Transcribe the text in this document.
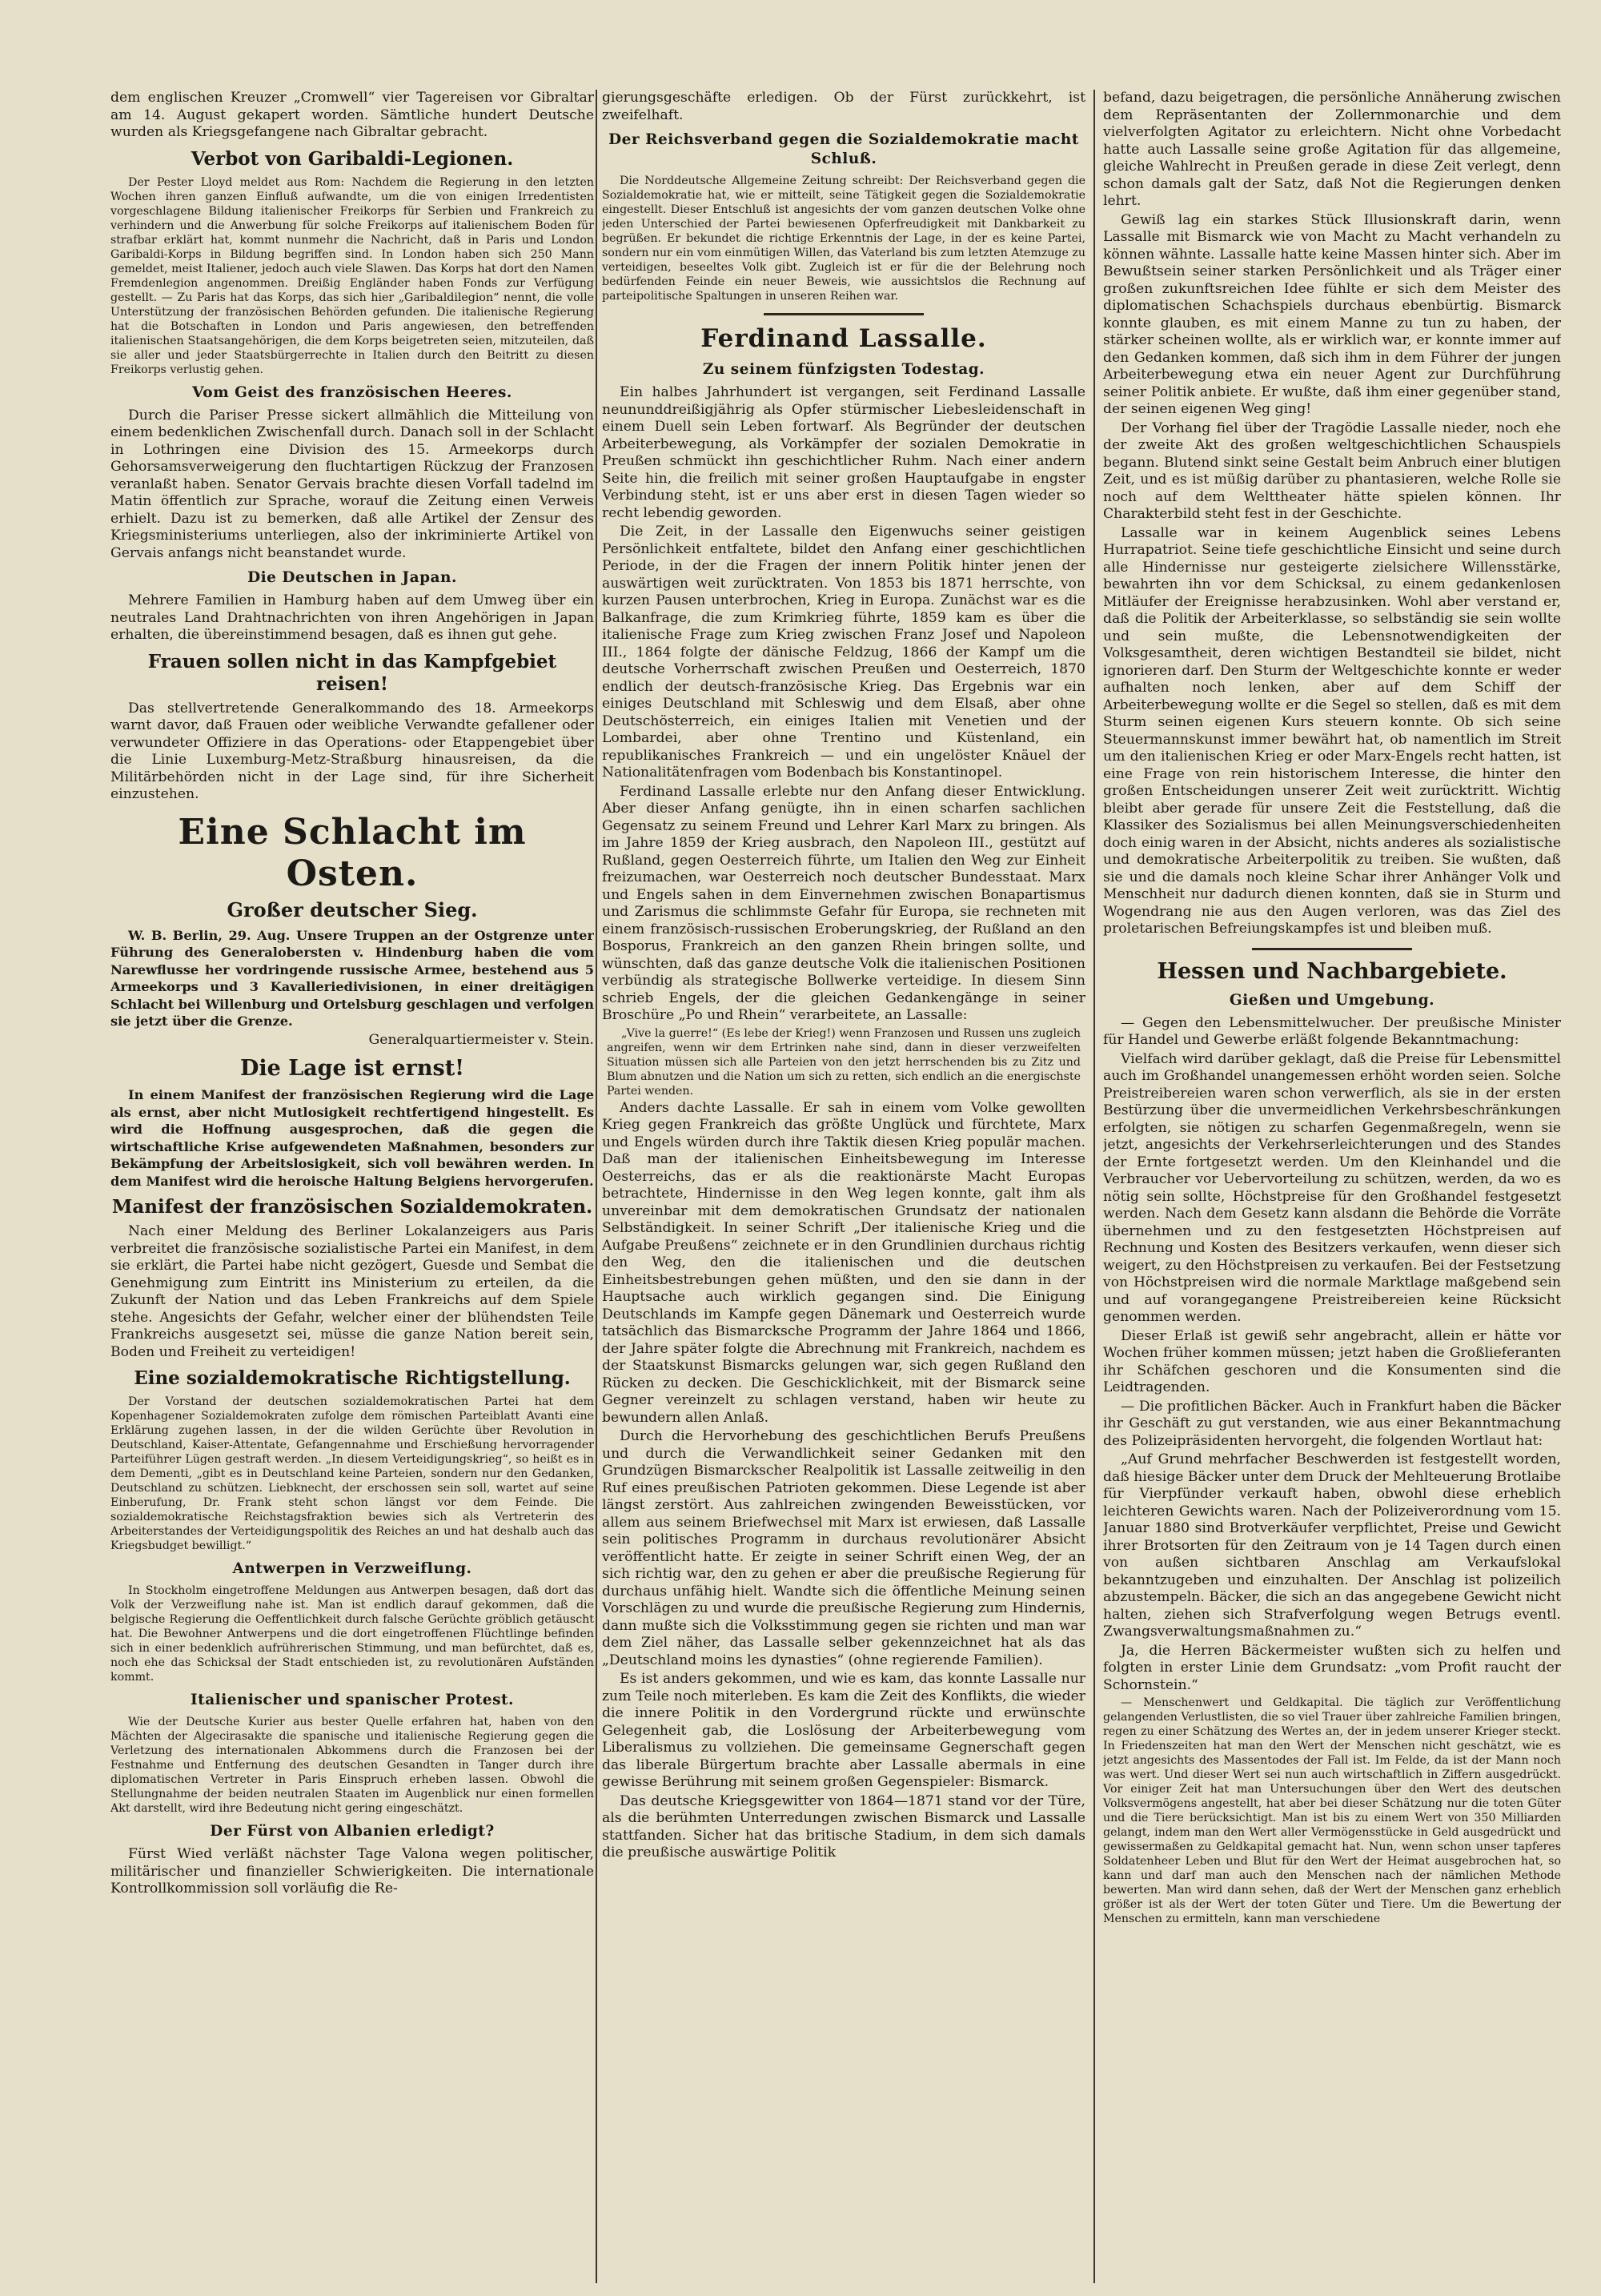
dem englischen Kreuzer „Cromwell“ vier Tagereisen vor Gibraltar am 14. August gekapert worden. Sämtliche hundert Deutsche wurden als Kriegsgefangene nach Gibraltar gebracht.

Verbot von Garibaldi-Legionen.

Der Pester Lloyd meldet aus Rom: Nachdem die Regierung in den letzten Wochen ihren ganzen Einfluß aufwandte, um die von einigen Irredentisten vorgeschlagene Bildung italienischer Freikorps für Serbien und Frankreich zu verhindern und die Anwerbung für solche Freikorps auf italienischem Boden für strafbar erklärt hat, kommt nunmehr die Nachricht, daß in Paris und London Garibaldi-Korps in Bildung begriffen sind. In London haben sich 250 Mann gemeldet, meist Italiener, jedoch auch viele Slawen. Das Korps hat dort den Namen Fremdenlegion angenommen. Dreißig Engländer haben Fonds zur Verfügung gestellt. — Zu Paris hat das Korps, das sich hier „Garibaldilegion“ nennt, die volle Unterstützung der französischen Behörden gefunden. Die italienische Regierung hat die Botschaften in London und Paris angewiesen, den betreffenden italienischen Staatsangehörigen, die dem Korps beigetreten seien, mitzuteilen, daß sie aller und jeder Staatsbürgerrechte in Italien durch den Beitritt zu diesen Freikorps verlustig gehen.

Vom Geist des französischen Heeres.

Durch die Pariser Presse sickert allmählich die Mitteilung von einem bedenklichen Zwischenfall durch. Danach soll in der Schlacht in Lothringen eine Division des 15. Armeekorps durch Gehorsamsverweigerung den fluchtartigen Rückzug der Franzosen veranlaßt haben. Senator Gervais brachte diesen Vorfall tadelnd im Matin öffentlich zur Sprache, worauf die Zeitung einen Verweis erhielt. Dazu ist zu bemerken, daß alle Artikel der Zensur des Kriegsministeriums unterliegen, also der inkriminierte Artikel von Gervais anfangs nicht beanstandet wurde.

Die Deutschen in Japan.

Mehrere Familien in Hamburg haben auf dem Umweg über ein neutrales Land Drahtnachrichten von ihren Angehörigen in Japan erhalten, die übereinstimmend besagen, daß es ihnen gut gehe.

Frauen sollen nicht in das Kampfgebiet reisen!

Das stellvertretende Generalkommando des 18. Armeekorps warnt davor, daß Frauen oder weibliche Verwandte gefallener oder verwundeter Offiziere in das Operations- oder Etappengebiet über die Linie Luxemburg-Metz-Straßburg hinausreisen, da die Militärbehörden nicht in der Lage sind, für ihre Sicherheit einzustehen.

Eine Schlacht im Osten.
Großer deutscher Sieg.

W. B. Berlin, 29. Aug. Unsere Truppen an der Ostgrenze unter Führung des Generalobersten v. Hindenburg haben die vom Narewflusse her vordringende russische Armee, bestehend aus 5 Armeekorps und 3 Kavalleriedivisionen, in einer dreitägigen Schlacht bei Willenburg und Ortelsburg geschlagen und verfolgen sie jetzt über die Grenze.

Generalquartiermeister v. Stein.

Die Lage ist ernst!

In einem Manifest der französischen Regierung wird die Lage als ernst, aber nicht Mutlosigkeit rechtfertigend hingestellt. Es wird die Hoffnung ausgesprochen, daß die gegen die wirtschaftliche Krise aufgewendeten Maßnahmen, besonders zur Bekämpfung der Arbeitslosigkeit, sich voll bewähren werden. In dem Manifest wird die heroische Haltung Belgiens hervorgerufen.

Manifest der französischen Sozialdemokraten.

Nach einer Meldung des Berliner Lokalanzeigers aus Paris verbreitet die französische sozialistische Partei ein Manifest, in dem sie erklärt, die Partei habe nicht gezögert, Guesde und Sembat die Genehmigung zum Eintritt ins Ministerium zu erteilen, da die Zukunft der Nation und das Leben Frankreichs auf dem Spiele stehe. Angesichts der Gefahr, welcher einer der blühendsten Teile Frankreichs ausgesetzt sei, müsse die ganze Nation bereit sein, Boden und Freiheit zu verteidigen!

Eine sozialdemokratische Richtigstellung.

Der Vorstand der deutschen sozialdemokratischen Partei hat dem Kopenhagener Sozialdemokraten zufolge dem römischen Parteiblatt Avanti eine Erklärung zugehen lassen, in der die wilden Gerüchte über Revolution in Deutschland, Kaiser-Attentate, Gefangennahme und Erschießung hervorragender Parteiführer Lügen gestraft werden. „In diesem Verteidigungskrieg“, so heißt es in dem Dementi, „gibt es in Deutschland keine Parteien, sondern nur den Gedanken, Deutschland zu schützen. Liebknecht, der erschossen sein soll, wartet auf seine Einberufung, Dr. Frank steht schon längst vor dem Feinde. Die sozialdemokratische Reichstagsfraktion bewies sich als Vertreterin des Arbeiterstandes der Verteidigungspolitik des Reiches an und hat deshalb auch das Kriegsbudget bewilligt.“

Antwerpen in Verzweiflung.

In Stockholm eingetroffene Meldungen aus Antwerpen besagen, daß dort das Volk der Verzweiflung nahe ist. Man ist endlich darauf gekommen, daß die belgische Regierung die Oeffentlichkeit durch falsche Gerüchte gröblich getäuscht hat. Die Bewohner Antwerpens und die dort eingetroffenen Flüchtlinge befinden sich in einer bedenklich aufrührerischen Stimmung, und man befürchtet, daß es, noch ehe das Schicksal der Stadt entschieden ist, zu revolutionären Aufständen kommt.

Italienischer und spanischer Protest.

Wie der Deutsche Kurier aus bester Quelle erfahren hat, haben von den Mächten der Algecirasakte die spanische und italienische Regierung gegen die Verletzung des internationalen Abkommens durch die Franzosen bei der Festnahme und Entfernung des deutschen Gesandten in Tanger durch ihre diplomatischen Vertreter in Paris Einspruch erheben lassen. Obwohl die Stellungnahme der beiden neutralen Staaten im Augenblick nur einen formellen Akt darstellt, wird ihre Bedeutung nicht gering eingeschätzt.

Der Fürst von Albanien erledigt?

Fürst Wied verläßt nächster Tage Valona wegen politischer, militärischer und finanzieller Schwierigkeiten. Die internationale Kontrollkommission soll vorläufig die Re-

gierungsgeschäfte erledigen. Ob der Fürst zurückkehrt, ist zweifelhaft.

Der Reichsverband gegen die Sozialdemokratie macht Schluß.

Die Norddeutsche Allgemeine Zeitung schreibt: Der Reichsverband gegen die Sozialdemokratie hat, wie er mitteilt, seine Tätigkeit gegen die Sozialdemokratie eingestellt. Dieser Entschluß ist angesichts der vom ganzen deutschen Volke ohne jeden Unterschied der Partei bewiesenen Opferfreudigkeit mit Dankbarkeit zu begrüßen. Er bekundet die richtige Erkenntnis der Lage, in der es keine Partei, sondern nur ein vom einmütigen Willen, das Vaterland bis zum letzten Atemzuge zu verteidigen, beseeltes Volk gibt. Zugleich ist er für die der Belehrung noch bedürfenden Feinde ein neuer Beweis, wie aussichtslos die Rechnung auf parteipolitische Spaltungen in unseren Reihen war.

Ferdinand Lassalle.
Zu seinem fünfzigsten Todestag.

Ein halbes Jahrhundert ist vergangen, seit Ferdinand Lassalle neununddreißigjährig als Opfer stürmischer Liebesleidenschaft in einem Duell sein Leben fortwarf. Als Begründer der deutschen Arbeiterbewegung, als Vorkämpfer der sozialen Demokratie in Preußen schmückt ihn geschichtlicher Ruhm. Nach einer andern Seite hin, die freilich mit seiner großen Hauptaufgabe in engster Verbindung steht, ist er uns aber erst in diesen Tagen wieder so recht lebendig geworden.

Die Zeit, in der Lassalle den Eigenwuchs seiner geistigen Persönlichkeit entfaltete, bildet den Anfang einer geschichtlichen Periode, in der die Fragen der innern Politik hinter jenen der auswärtigen weit zurücktraten. Von 1853 bis 1871 herrschte, von kurzen Pausen unterbrochen, Krieg in Europa. Zunächst war es die Balkanfrage, die zum Krimkrieg führte, 1859 kam es über die italienische Frage zum Krieg zwischen Franz Josef und Napoleon III., 1864 folgte der dänische Feldzug, 1866 der Kampf um die deutsche Vorherrschaft zwischen Preußen und Oesterreich, 1870 endlich der deutsch-französische Krieg. Das Ergebnis war ein einiges Deutschland mit Schleswig und dem Elsaß, aber ohne Deutschösterreich, ein einiges Italien mit Venetien und der Lombardei, aber ohne Trentino und Küstenland, ein republikanisches Frankreich — und ein ungelöster Knäuel der Nationalitätenfragen vom Bodenbach bis Konstantinopel.

Ferdinand Lassalle erlebte nur den Anfang dieser Entwicklung. Aber dieser Anfang genügte, ihn in einen scharfen sachlichen Gegensatz zu seinem Freund und Lehrer Karl Marx zu bringen. Als im Jahre 1859 der Krieg ausbrach, den Napoleon III., gestützt auf Rußland, gegen Oesterreich führte, um Italien den Weg zur Einheit freizumachen, war Oesterreich noch deutscher Bundesstaat. Marx und Engels sahen in dem Einvernehmen zwischen Bonapartismus und Zarismus die schlimmste Gefahr für Europa, sie rechneten mit einem französisch-russischen Eroberungskrieg, der Rußland an den Bosporus, Frankreich an den ganzen Rhein bringen sollte, und wünschten, daß das ganze deutsche Volk die italienischen Positionen verbündig als strategische Bollwerke verteidige. In diesem Sinn schrieb Engels, der die gleichen Gedankengänge in seiner Broschüre „Po und Rhein“ verarbeitete, an Lassalle:

„Vive la guerre!“ (Es lebe der Krieg!) wenn Franzosen und Russen uns zugleich angreifen, wenn wir dem Ertrinken nahe sind, dann in dieser verzweifelten Situation müssen sich alle Parteien von den jetzt herrschenden bis zu Zitz und Blum abnutzen und die Nation um sich zu retten, sich endlich an die energischste Partei wenden.

Anders dachte Lassalle. Er sah in einem vom Volke gewollten Krieg gegen Frankreich das größte Unglück und fürchtete, Marx und Engels würden durch ihre Taktik diesen Krieg populär machen. Daß man der italienischen Einheitsbewegung im Interesse Oesterreichs, das er als die reaktionärste Macht Europas betrachtete, Hindernisse in den Weg legen konnte, galt ihm als unvereinbar mit dem demokratischen Grundsatz der nationalen Selbständigkeit. In seiner Schrift „Der italienische Krieg und die Aufgabe Preußens“ zeichnete er in den Grundlinien durchaus richtig den Weg, den die italienischen und die deutschen Einheitsbestrebungen gehen müßten, und den sie dann in der Hauptsache auch wirklich gegangen sind. Die Einigung Deutschlands im Kampfe gegen Dänemark und Oesterreich wurde tatsächlich das Bismarcksche Programm der Jahre 1864 und 1866, der Jahre später folgte die Abrechnung mit Frankreich, nachdem es der Staatskunst Bismarcks gelungen war, sich gegen Rußland den Rücken zu decken. Die Geschicklichkeit, mit der Bismarck seine Gegner vereinzelt zu schlagen verstand, haben wir heute zu bewundern allen Anlaß.

Durch die Hervorhebung des geschichtlichen Berufs Preußens und durch die Verwandlichkeit seiner Gedanken mit den Grundzügen Bismarckscher Realpolitik ist Lassalle zeitweilig in den Ruf eines preußischen Patrioten gekommen. Diese Legende ist aber längst zerstört. Aus zahlreichen zwingenden Beweisstücken, vor allem aus seinem Briefwechsel mit Marx ist erwiesen, daß Lassalle sein politisches Programm in durchaus revolutionärer Absicht veröffentlicht hatte. Er zeigte in seiner Schrift einen Weg, der an sich richtig war, den zu gehen er aber die preußische Regierung für durchaus unfähig hielt. Wandte sich die öffentliche Meinung seinen Vorschlägen zu und wurde die preußische Regierung zum Hindernis, dann mußte sich die Volksstimmung gegen sie richten und man war dem Ziel näher, das Lassalle selber gekennzeichnet hat als das „Deutschland moins les dynasties“ (ohne regierende Familien).

Es ist anders gekommen, und wie es kam, das konnte Lassalle nur zum Teile noch miterleben. Es kam die Zeit des Konflikts, die wieder die innere Politik in den Vordergrund rückte und erwünschte Gelegenheit gab, die Loslösung der Arbeiterbewegung vom Liberalismus zu vollziehen. Die gemeinsame Gegnerschaft gegen das liberale Bürgertum brachte aber Lassalle abermals in eine gewisse Berührung mit seinem großen Gegenspieler: Bismarck.

Das deutsche Kriegsgewitter von 1864—1871 stand vor der Türe, als die berühmten Unterredungen zwischen Bismarck und Lassalle stattfanden. Sicher hat das britische Stadium, in dem sich damals die preußische auswärtige Politik

befand, dazu beigetragen, die persönliche Annäherung zwischen dem Repräsentanten der Zollernmonarchie und dem vielverfolgten Agitator zu erleichtern. Nicht ohne Vorbedacht hatte auch Lassalle seine große Agitation für das allgemeine, gleiche Wahlrecht in Preußen gerade in diese Zeit verlegt, denn schon damals galt der Satz, daß Not die Regierungen denken lehrt.

Gewiß lag ein starkes Stück Illusionskraft darin, wenn Lassalle mit Bismarck wie von Macht zu Macht verhandeln zu können wähnte. Lassalle hatte keine Massen hinter sich. Aber im Bewußtsein seiner starken Persönlichkeit und als Träger einer großen zukunftsreichen Idee fühlte er sich dem Meister des diplomatischen Schachspiels durchaus ebenbürtig. Bismarck konnte glauben, es mit einem Manne zu tun zu haben, der stärker scheinen wollte, als er wirklich war, er konnte immer auf den Gedanken kommen, daß sich ihm in dem Führer der jungen Arbeiterbewegung etwa ein neuer Agent zur Durchführung seiner Politik anbiete. Er wußte, daß ihm einer gegenüber stand, der seinen eigenen Weg ging!

Der Vorhang fiel über der Tragödie Lassalle nieder, noch ehe der zweite Akt des großen weltgeschichtlichen Schauspiels begann. Blutend sinkt seine Gestalt beim Anbruch einer blutigen Zeit, und es ist müßig darüber zu phantasieren, welche Rolle sie noch auf dem Welttheater hätte spielen können. Ihr Charakterbild steht fest in der Geschichte.

Lassalle war in keinem Augenblick seines Lebens Hurrapatriot. Seine tiefe geschichtliche Einsicht und seine durch alle Hindernisse nur gesteigerte zielsichere Willensstärke, bewahrten ihn vor dem Schicksal, zu einem gedankenlosen Mitläufer der Ereignisse herabzusinken. Wohl aber verstand er, daß die Politik der Arbeiterklasse, so selbständig sie sein wollte und sein mußte, die Lebensnotwendigkeiten der Volksgesamtheit, deren wichtigen Bestandteil sie bildet, nicht ignorieren darf. Den Sturm der Weltgeschichte konnte er weder aufhalten noch lenken, aber auf dem Schiff der Arbeiterbewegung wollte er die Segel so stellen, daß es mit dem Sturm seinen eigenen Kurs steuern konnte. Ob sich seine Steuermannskunst immer bewährt hat, ob namentlich im Streit um den italienischen Krieg er oder Marx-Engels recht hatten, ist eine Frage von rein historischem Interesse, die hinter den großen Entscheidungen unserer Zeit weit zurücktritt. Wichtig bleibt aber gerade für unsere Zeit die Feststellung, daß die Klassiker des Sozialismus bei allen Meinungsverschiedenheiten doch einig waren in der Absicht, nichts anderes als sozialistische und demokratische Arbeiterpolitik zu treiben. Sie wußten, daß sie und die damals noch kleine Schar ihrer Anhänger Volk und Menschheit nur dadurch dienen konnten, daß sie in Sturm und Wogendrang nie aus den Augen verloren, was das Ziel des proletarischen Befreiungskampfes ist und bleiben muß.

Hessen und Nachbargebiete.
Gießen und Umgebung.

— Gegen den Lebensmittelwucher. Der preußische Minister für Handel und Gewerbe erläßt folgende Bekanntmachung:

Vielfach wird darüber geklagt, daß die Preise für Lebensmittel auch im Großhandel unangemessen erhöht worden seien. Solche Preistreibereien waren schon verwerflich, als sie in der ersten Bestürzung über die unvermeidlichen Verkehrsbeschränkungen erfolgten, sie nötigen zu scharfen Gegenmaßregeln, wenn sie jetzt, angesichts der Verkehrserleichterungen und des Standes der Ernte fortgesetzt werden. Um den Kleinhandel und die Verbraucher vor Uebervorteilung zu schützen, werden, da wo es nötig sein sollte, Höchstpreise für den Großhandel festgesetzt werden. Nach dem Gesetz kann alsdann die Behörde die Vorräte übernehmen und zu den festgesetzten Höchstpreisen auf Rechnung und Kosten des Besitzers verkaufen, wenn dieser sich weigert, zu den Höchstpreisen zu verkaufen. Bei der Festsetzung von Höchstpreisen wird die normale Marktlage maßgebend sein und auf vorangegangene Preistreibereien keine Rücksicht genommen werden.

Dieser Erlaß ist gewiß sehr angebracht, allein er hätte vor Wochen früher kommen müssen; jetzt haben die Großlieferanten ihr Schäfchen geschoren und die Konsumenten sind die Leidtragenden.

— Die profitlichen Bäcker. Auch in Frankfurt haben die Bäcker ihr Geschäft zu gut verstanden, wie aus einer Bekanntmachung des Polizeipräsidenten hervorgeht, die folgenden Wortlaut hat:

„Auf Grund mehrfacher Beschwerden ist festgestellt worden, daß hiesige Bäcker unter dem Druck der Mehlteuerung Brotlaibe für Vierpfünder verkauft haben, obwohl diese erheblich leichteren Gewichts waren. Nach der Polizeiverordnung vom 15. Januar 1880 sind Brotverkäufer verpflichtet, Preise und Gewicht ihrer Brotsorten für den Zeitraum von je 14 Tagen durch einen von außen sichtbaren Anschlag am Verkaufslokal bekanntzugeben und einzuhalten. Der Anschlag ist polizeilich abzustempeln. Bäcker, die sich an das angegebene Gewicht nicht halten, ziehen sich Strafverfolgung wegen Betrugs eventl. Zwangsverwaltungsmaßnahmen zu.“

Ja, die Herren Bäckermeister wußten sich zu helfen und folgten in erster Linie dem Grundsatz: „vom Profit raucht der Schornstein.“

— Menschenwert und Geldkapital. Die täglich zur Veröffentlichung gelangenden Verlustlisten, die so viel Trauer über zahlreiche Familien bringen, regen zu einer Schätzung des Wertes an, der in jedem unserer Krieger steckt. In Friedenszeiten hat man den Wert der Menschen nicht geschätzt, wie es jetzt angesichts des Massentodes der Fall ist. Im Felde, da ist der Mann noch was wert. Und dieser Wert sei nun auch wirtschaftlich in Ziffern ausgedrückt. Vor einiger Zeit hat man Untersuchungen über den Wert des deutschen Volksvermögens angestellt, hat aber bei dieser Schätzung nur die toten Güter und die Tiere berücksichtigt. Man ist bis zu einem Wert von 350 Milliarden gelangt, indem man den Wert aller Vermögensstücke in Geld ausgedrückt und gewissermaßen zu Geldkapital gemacht hat. Nun, wenn schon unser tapferes Soldatenheer Leben und Blut für den Wert der Heimat ausgebrochen hat, so kann und darf man auch den Menschen nach der nämlichen Methode bewerten. Man wird dann sehen, daß der Wert der Menschen ganz erheblich größer ist als der Wert der toten Güter und Tiere. Um die Bewertung der Menschen zu ermitteln, kann man verschiedene
